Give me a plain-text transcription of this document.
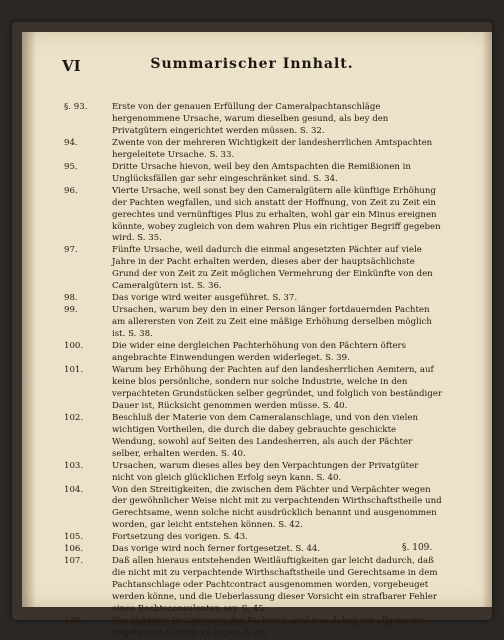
VI	Summarischer Innhalt.
§. 93.	Erste von der genauen Erfüllung der Cameralpachtanschläge hergenommene Ursache, warum dieselben gesund, als bey den Privatgütern eingerichtet werden müssen. S. 32.
94.	Zwente von der mehreren Wichtigkeit der landesherrlichen Amtspachten hergeleitete Ursache. S. 33.
95.	Dritte Ursache hievon, weil bey den Amtspachten die Remißionen in Unglücksfällen gar sehr eingeschränket sind. S. 34.
96.	Vierte Ursache, weil sonst bey den Cameralgütern alle künftige Erhöhung der Pachten wegfallen, und sich anstatt der Hoffnung, von Zeit zu Zeit ein gerechtes und vernünftiges Plus zu erhalten, wohl gar ein Minus ereignen könnte, wobey zugleich von dem wahren Plus ein richtiger Begriff gegeben wird. S. 35.
97.	Fünfte Ursache, weil dadurch die einmal angesetzten Pächter auf viele Jahre in der Pacht erhalten werden, dieses aber der hauptsächlichste Grund der von Zeit zu Zeit möglichen Vermehrung der Einkünfte von den Cameralgütern ist. S. 36.
98.	Das vorige wird weiter ausgeführet. S. 37.
99.	Ursachen, warum bey den in einer Person länger fortdauernden Pachten am allerersten von Zeit zu Zeit eine mäßige Erhöhung derselben möglich ist. S. 38.
100.	Die wider eine dergleichen Pachterhöhung von den Pächtern öfters angebrachte Einwendungen werden widerleget. S. 39.
101.	Warum bey Erhöhung der Pachten auf den landesherrlichen Aemtern, auf keine blos persönliche, sondern nur solche Industrie, welche in den verpachteten Grundstücken selber gegründet, und folglich von beständiger Dauer ist, Rücksicht genommen werden müsse. S. 40.
102.	Beschluß der Materie von dem Cameralanschlage, und von den vielen wichtigen Vortheilen, die durch die dabey gebrauchte geschickte Wendung, sowohl auf Seiten des Landesherren, als auch der Pächter selber, erhalten werden. S. 40.
103.	Ursachen, warum dieses alles bey den Verpachtungen der Privatgüter nicht von gleich glücklichen Erfolg seyn kann. S. 40.
104.	Von den Streitigkeiten, die zwischen dem Pächter und Verpächter wegen der gewöhnlicher Weise nicht mit zu verpachtenden Wirthschaftstheile und Gerechtsame, wenn solche nicht ausdrücklich benannt und ausgenommen worden, gar leicht entstehen können. S. 42.
105.	Fortsetzung des vorigen. S. 43.
106.	Das vorige wird noch ferner fortgesetzet. S. 44.
107.	Daß allen hieraus entstehenden Weitläuftigkeiten gar leicht dadurch, daß die nicht mit zu verpachtende Wirthschaftstheile und Gerechtsame in dem Pachtanschlage oder Pachtcontract ausgenommen worden, vorgebeuget werden könne, und die Ueberlassung dieser Vorsicht ein strafbarer Fehler eines Rechtsconsulenten sey. S. 45.
108.	Von richtiger Bestimmung der Pachtzeit, und was dabey vor allgemeine Regeln zum Grunde zu legen. S. 46.
§. 109.
